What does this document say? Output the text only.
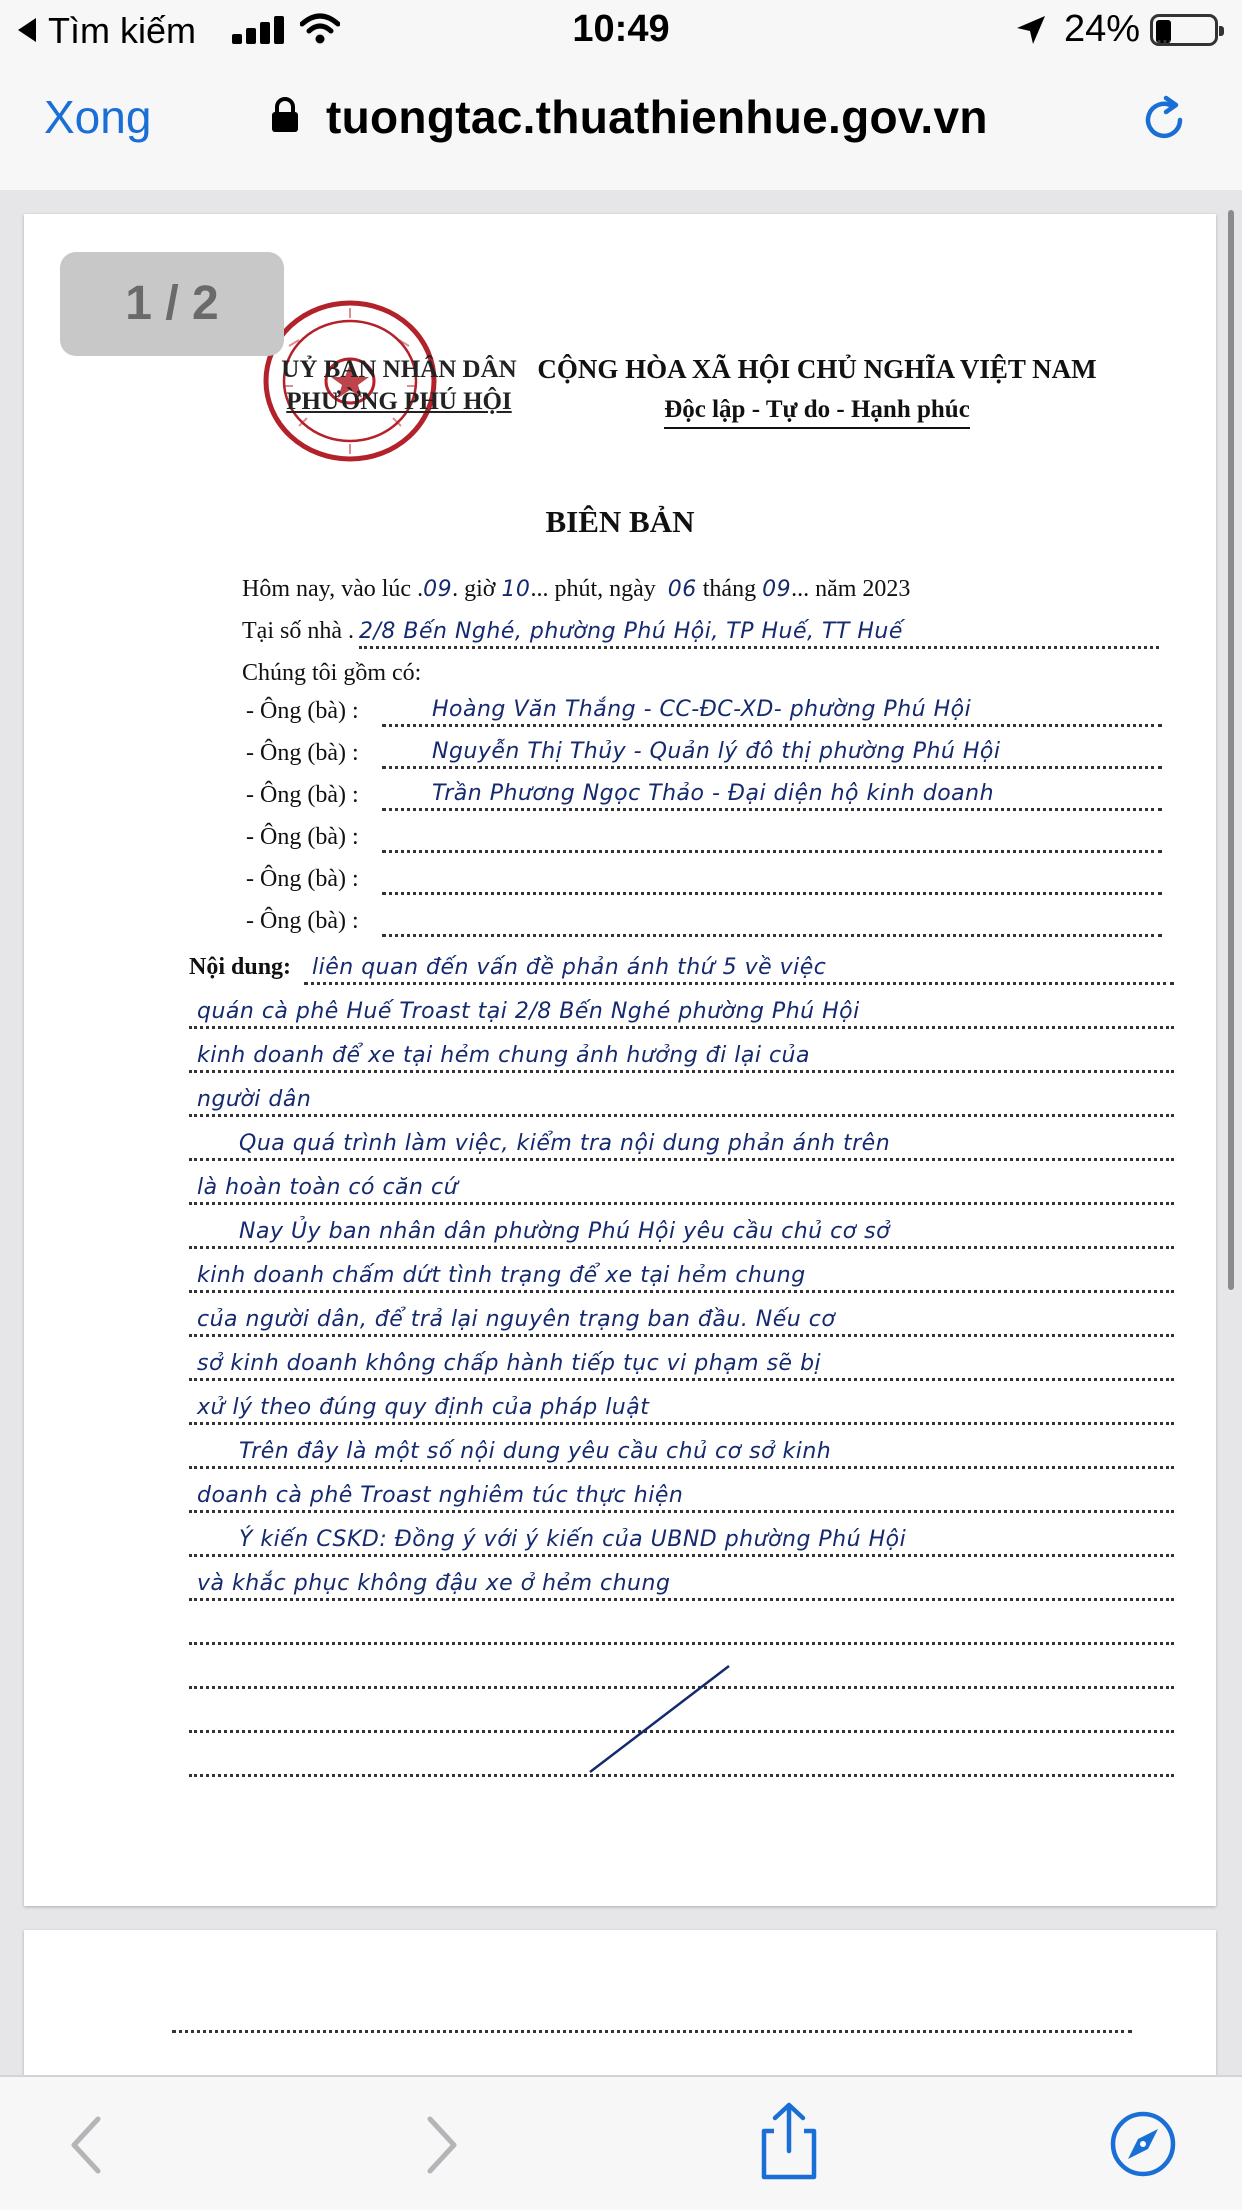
Tìm kiếm	10:49	24%
Xong	tuongtac.thuathienhue.gov.vn
UỶ BAN NHÂN DÂN
PHƯỜNG PHÚ HỘI
CỘNG HÒA XÃ HỘI CHỦ NGHĨA VIỆT NAM
Độc lập - Tự do - Hạnh phúc
BIÊN BẢN
Hôm nay, vào lúc .09. giờ 10... phút, ngày 06 tháng 09... năm 2023
Tại số nhà . 2/8 Bến Nghé, phường Phú Hội, TP Huế, TT Huế
Chúng tôi gồm có:
- Ông (bà) :	Hoàng Văn Thắng - CC-ĐC-XD- phường Phú Hội
- Ông (bà) :	Nguyễn Thị Thủy - Quản lý đô thị phường Phú Hội
- Ông (bà) :	Trần Phương Ngọc Thảo - Đại diện hộ kinh doanh
- Ông (bà) :
- Ông (bà) :
- Ông (bà) :
Nội dung: liên quan đến vấn đề phản ánh thứ 5 về việc
quán cà phê Huế Troast tại 2/8 Bến Nghé phường Phú Hội
kinh doanh để xe tại hẻm chung ảnh hưởng đi lại của
người dân
Qua quá trình làm việc, kiểm tra nội dung phản ánh trên
là hoàn toàn có căn cứ
Nay Ủy ban nhân dân phường Phú Hội yêu cầu chủ cơ sở
kinh doanh chấm dứt tình trạng để xe tại hẻm chung
của người dân, để trả lại nguyên trạng ban đầu. Nếu cơ
sở kinh doanh không chấp hành tiếp tục vi phạm sẽ bị
xử lý theo đúng quy định của pháp luật
Trên đây là một số nội dung yêu cầu chủ cơ sở kinh
doanh cà phê Troast nghiêm túc thực hiện
Ý kiến CSKD: Đồng ý với ý kiến của UBND phường Phú Hội
và khắc phục không đậu xe ở hẻm chung
1 / 2
